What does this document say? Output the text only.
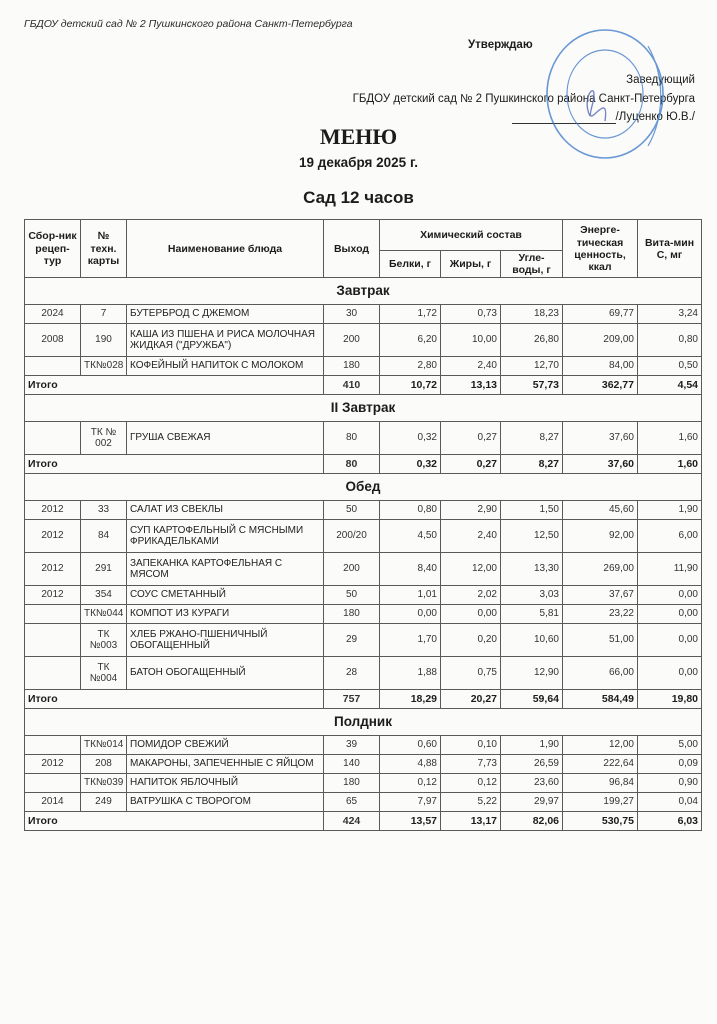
ГБДОУ детский сад № 2 Пушкинского района Санкт-Петербурга
Утверждаю
Заведующий
ГБДОУ детский сад № 2 Пушкинского района Санкт-Петербурга
/Луценко Ю.В./
МЕНЮ
19 декабря 2025 г.
Сад 12 часов
Сбор-ник рецеп-тур	№ техн. карты	Наименование блюда	Выход	Химический состав			Энерге-тическая ценность, ккал	Вита-мин С, мг
				Белки, г	Жиры, г	Угле-воды, г		
Завтрак								
2024	7	БУТЕРБРОД С ДЖЕМОМ	30	1,72	0,73	18,23	69,77	3,24
2008	190	КАША ИЗ ПШЕНА И РИСА МОЛОЧНАЯ ЖИДКАЯ ("ДРУЖБА")	200	6,20	10,00	26,80	209,00	0,80
	ТК№028	КОФЕЙНЫЙ НАПИТОК С МОЛОКОМ	180	2,80	2,40	12,70	84,00	0,50
Итого			410	10,72	13,13	57,73	362,77	4,54
II Завтрак								
	ТК № 002	ГРУША СВЕЖАЯ	80	0,32	0,27	8,27	37,60	1,60
Итого			80	0,32	0,27	8,27	37,60	1,60
Обед								
2012	33	САЛАТ ИЗ СВЕКЛЫ	50	0,80	2,90	1,50	45,60	1,90
2012	84	СУП КАРТОФЕЛЬНЫЙ С МЯСНЫМИ ФРИКАДЕЛЬКАМИ	200/20	4,50	2,40	12,50	92,00	6,00
2012	291	ЗАПЕКАНКА КАРТОФЕЛЬНАЯ С МЯСОМ	200	8,40	12,00	13,30	269,00	11,90
2012	354	СОУС СМЕТАННЫЙ	50	1,01	2,02	3,03	37,67	0,00
	ТК№044	КОМПОТ ИЗ КУРАГИ	180	0,00	0,00	5,81	23,22	0,00
	ТК №003	ХЛЕБ РЖАНО-ПШЕНИЧНЫЙ ОБОГАЩЕННЫЙ	29	1,70	0,20	10,60	51,00	0,00
	ТК №004	БАТОН ОБОГАЩЕННЫЙ	28	1,88	0,75	12,90	66,00	0,00
Итого			757	18,29	20,27	59,64	584,49	19,80
Полдник								
	ТК№014	ПОМИДОР СВЕЖИЙ	39	0,60	0,10	1,90	12,00	5,00
2012	208	МАКАРОНЫ, ЗАПЕЧЕННЫЕ С ЯЙЦОМ	140	4,88	7,73	26,59	222,64	0,09
	ТК№039	НАПИТОК ЯБЛОЧНЫЙ	180	0,12	0,12	23,60	96,84	0,90
2014	249	ВАТРУШКА С ТВОРОГОМ	65	7,97	5,22	29,97	199,27	0,04
Итого			424	13,57	13,17	82,06	530,75	6,03
